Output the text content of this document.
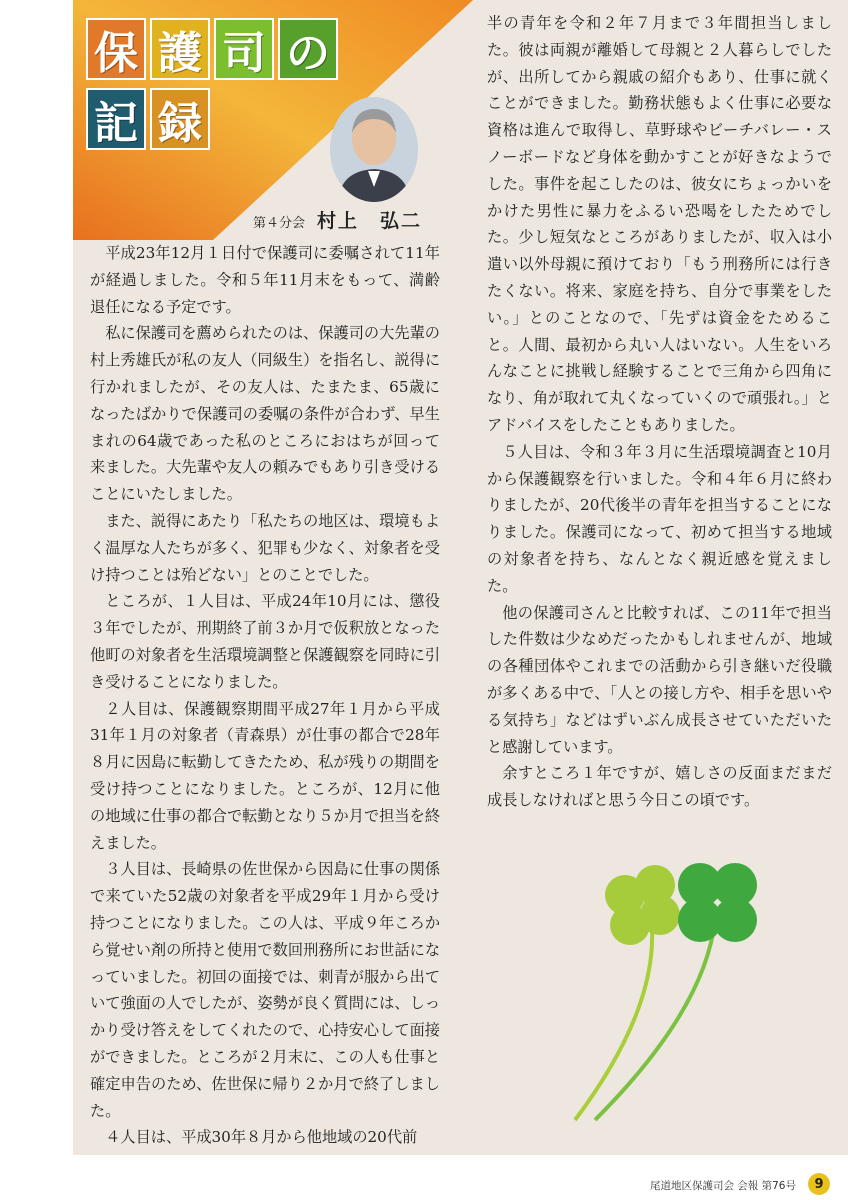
保 護 司 の
記 録
第４分会 村上　弘二

平成23年12月１日付で保護司に委嘱されて11年が経過しました。令和５年11月末をもって、満齢退任になる予定です。

私に保護司を薦められたのは、保護司の大先輩の村上秀雄氏が私の友人（同級生）を指名し、説得に行かれましたが、その友人は、たまたま、65歳になったばかりで保護司の委嘱の条件が合わず、早生まれの64歳であった私のところにおはちが回って来ました。大先輩や友人の頼みでもあり引き受けることにいたしました。

また、説得にあたり「私たちの地区は、環境もよく温厚な人たちが多く、犯罪も少なく、対象者を受け持つことは殆どない」とのことでした。

ところが、１人目は、平成24年10月には、懲役３年でしたが、刑期終了前３か月で仮釈放となった他町の対象者を生活環境調整と保護観察を同時に引き受けることになりました。

２人目は、保護観察期間平成27年１月から平成31年１月の対象者（青森県）が仕事の都合で28年８月に因島に転勤してきたため、私が残りの期間を受け持つことになりました。ところが、12月に他の地域に仕事の都合で転勤となり５か月で担当を終えました。

３人目は、長崎県の佐世保から因島に仕事の関係で来ていた52歳の対象者を平成29年１月から受け持つことになりました。この人は、平成９年ころから覚せい剤の所持と使用で数回刑務所にお世話になっていました。初回の面接では、刺青が服から出ていて強面の人でしたが、姿勢が良く質問には、しっかり受け答えをしてくれたので、心持安心して面接ができました。ところが２月末に、この人も仕事と確定申告のため、佐世保に帰り２か月で終了しました。

４人目は、平成30年８月から他地域の20代前

半の青年を令和２年７月まで３年間担当しました。彼は両親が離婚して母親と２人暮らしでしたが、出所してから親戚の紹介もあり、仕事に就くことができました。勤務状態もよく仕事に必要な資格は進んで取得し、草野球やビーチバレー・スノーボードなど身体を動かすことが好きなようでした。事件を起こしたのは、彼女にちょっかいをかけた男性に暴力をふるい恐喝をしたためでした。少し短気なところがありましたが、収入は小遣い以外母親に預けており「もう刑務所には行きたくない。将来、家庭を持ち、自分で事業をしたい。」とのことなので、「先ずは資金をためること。人間、最初から丸い人はいない。人生をいろんなことに挑戦し経験することで三角から四角になり、角が取れて丸くなっていくので頑張れ。」とアドバイスをしたこともありました。

５人目は、令和３年３月に生活環境調査と10月から保護観察を行いました。令和４年６月に終わりましたが、20代後半の青年を担当することになりました。保護司になって、初めて担当する地域の対象者を持ち、なんとなく親近感を覚えました。

他の保護司さんと比較すれば、この11年で担当した件数は少なめだったかもしれませんが、地域の各種団体やこれまでの活動から引き継いだ役職が多くある中で、「人との接し方や、相手を思いやる気持ち」などはずいぶん成長させていただいたと感謝しています。

余すところ１年ですが、嬉しさの反面まだまだ成長しなければと思う今日この頃です。

尾道地区保護司会 会報 第76号	9
